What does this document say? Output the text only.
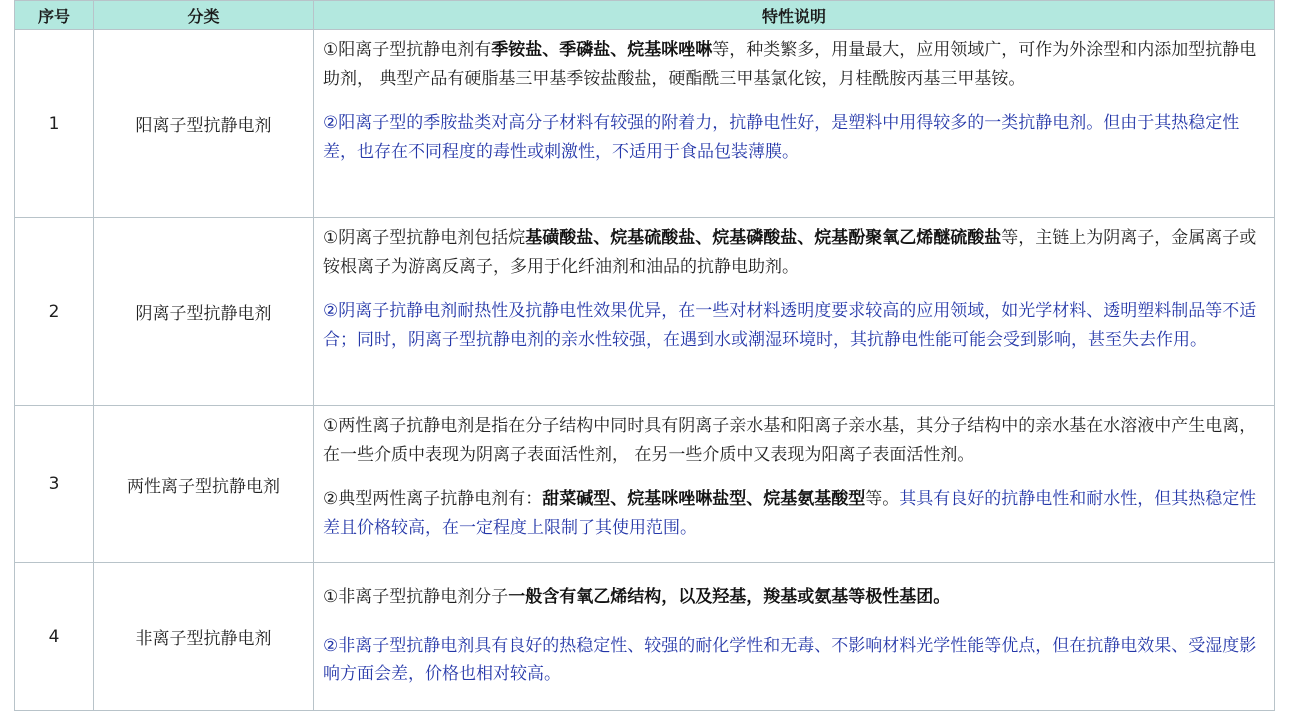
序号	分类	特性说明
1	阳离子型抗静电剂	①阳离子型抗静电剂有季铵盐、季磷盐、烷基咪唑啉等，种类繁多，用量最大，应用领域广，可作为外涂型和内添加型抗静电助剂， 典型产品有硬脂基三甲基季铵盐酸盐，硬酯酰三甲基氯化铵，月桂酰胺丙基三甲基铵。

②阳离子型的季胺盐类对高分子材料有较强的附着力，抗静电性好，是塑料中用得较多的一类抗静电剂。但由于其热稳定性差，也存在不同程度的毒性或刺激性，不适用于食品包装薄膜。

2	阴离子型抗静电剂	①阴离子型抗静电剂包括烷基磺酸盐、烷基硫酸盐、烷基磷酸盐、烷基酚聚氧乙烯醚硫酸盐等，主链上为阴离子，金属离子或铵根离子为游离反离子，多用于化纤油剂和油品的抗静电助剂。

②阴离子抗静电剂耐热性及抗静电性效果优异，在一些对材料透明度要求较高的应用领域，如光学材料、透明塑料制品等不适合；同时，阴离子型抗静电剂的亲水性较强，在遇到水或潮湿环境时，其抗静电性能可能会受到影响，甚至失去作用。

3	两性离子型抗静电剂	①两性离子抗静电剂是指在分子结构中同时具有阴离子亲水基和阳离子亲水基，其分子结构中的亲水基在水溶液中产生电离， 在一些介质中表现为阴离子表面活性剂， 在另一些介质中又表现为阳离子表面活性剂。

②典型两性离子抗静电剂有：甜菜碱型、烷基咪唑啉盐型、烷基氨基酸型等。其具有良好的抗静电性和耐水性，但其热稳定性差且价格较高，在一定程度上限制了其使用范围。

4	非离子型抗静电剂	①非离子型抗静电剂分子一般含有氧乙烯结构，以及羟基，羧基或氨基等极性基团。

②非离子型抗静电剂具有良好的热稳定性、较强的耐化学性和无毒、不影响材料光学性能等优点，但在抗静电效果、受湿度影响方面会差，价格也相对较高。
